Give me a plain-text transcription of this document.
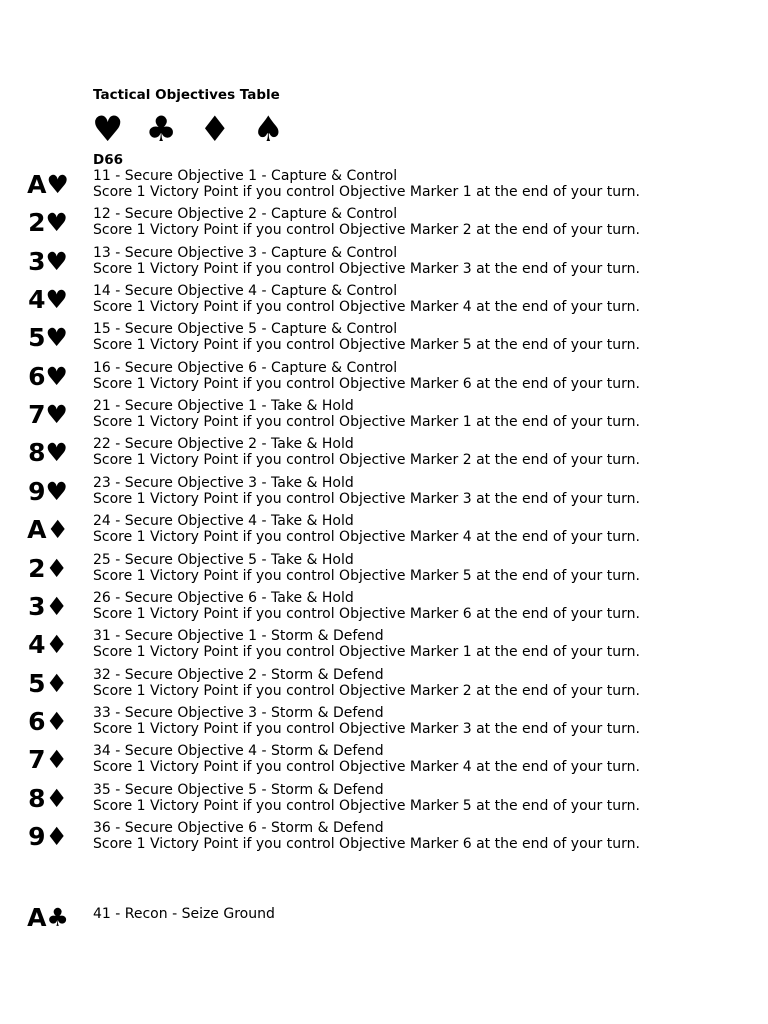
Tactical Objectives Table
♥ ♣ ♦ ♠
D66
A♥ 11 - Secure Objective 1 - Capture & Control
Score 1 Victory Point if you control Objective Marker 1 at the end of your turn.
2♥ 12 - Secure Objective 2 - Capture & Control
Score 1 Victory Point if you control Objective Marker 2 at the end of your turn.
3♥ 13 - Secure Objective 3 - Capture & Control
Score 1 Victory Point if you control Objective Marker 3 at the end of your turn.
4♥ 14 - Secure Objective 4 - Capture & Control
Score 1 Victory Point if you control Objective Marker 4 at the end of your turn.
5♥ 15 - Secure Objective 5 - Capture & Control
Score 1 Victory Point if you control Objective Marker 5 at the end of your turn.
6♥ 16 - Secure Objective 6 - Capture & Control
Score 1 Victory Point if you control Objective Marker 6 at the end of your turn.
7♥ 21 - Secure Objective 1 - Take & Hold
Score 1 Victory Point if you control Objective Marker 1 at the end of your turn.
8♥ 22 - Secure Objective 2 - Take & Hold
Score 1 Victory Point if you control Objective Marker 2 at the end of your turn.
9♥ 23 - Secure Objective 3 - Take & Hold
Score 1 Victory Point if you control Objective Marker 3 at the end of your turn.
A♦ 24 - Secure Objective 4 - Take & Hold
Score 1 Victory Point if you control Objective Marker 4 at the end of your turn.
2♦ 25 - Secure Objective 5 - Take & Hold
Score 1 Victory Point if you control Objective Marker 5 at the end of your turn.
3♦ 26 - Secure Objective 6 - Take & Hold
Score 1 Victory Point if you control Objective Marker 6 at the end of your turn.
4♦ 31 - Secure Objective 1 - Storm & Defend
Score 1 Victory Point if you control Objective Marker 1 at the end of your turn.
5♦ 32 - Secure Objective 2 - Storm & Defend
Score 1 Victory Point if you control Objective Marker 2 at the end of your turn.
6♦ 33 - Secure Objective 3 - Storm & Defend
Score 1 Victory Point if you control Objective Marker 3 at the end of your turn.
7♦ 34 - Secure Objective 4 - Storm & Defend
Score 1 Victory Point if you control Objective Marker 4 at the end of your turn.
8♦ 35 - Secure Objective 5 - Storm & Defend
Score 1 Victory Point if you control Objective Marker 5 at the end of your turn.
9♦ 36 - Secure Objective 6 - Storm & Defend
Score 1 Victory Point if you control Objective Marker 6 at the end of your turn.
A♣ 41 - Recon - Seize Ground
